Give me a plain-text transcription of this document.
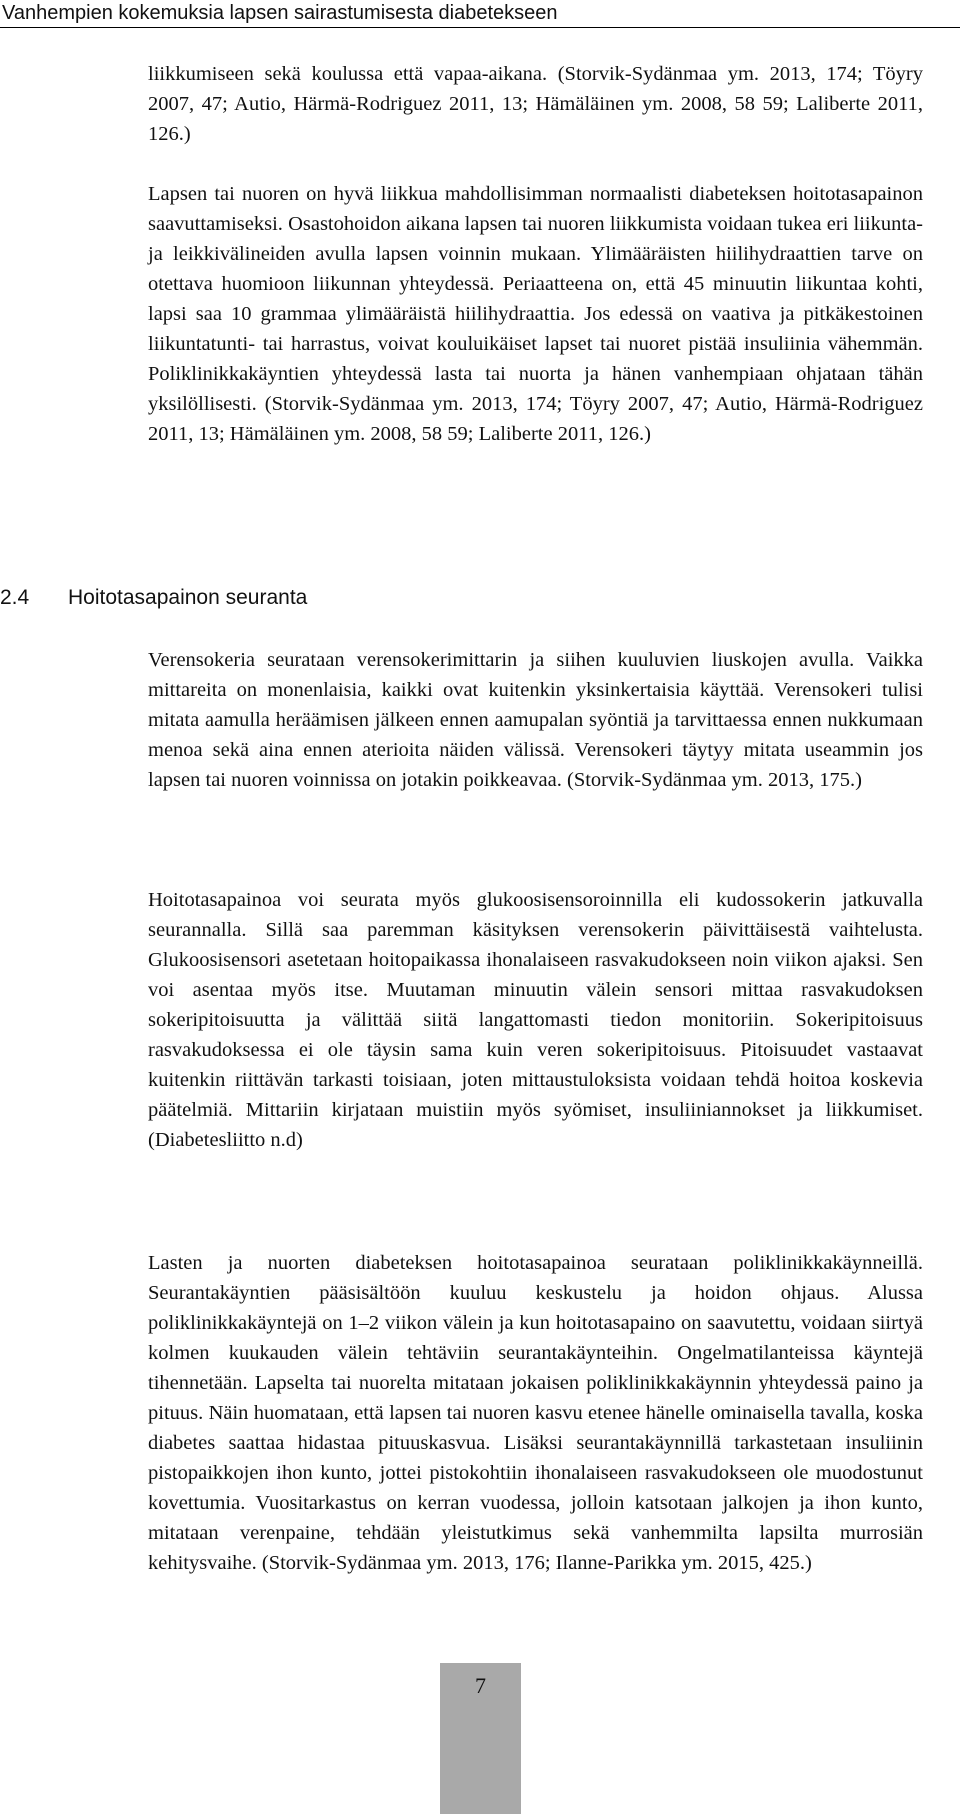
Vanhempien kokemuksia lapsen sairastumisesta diabetekseen

liikkumiseen sekä koulussa että vapaa-aikana. (Storvik-Sydänmaa ym. 2013, 174; Töyry 2007, 47; Autio, Härmä-Rodriguez 2011, 13; Hämäläinen ym. 2008, 58 59; Laliberte 2011, 126.)

Lapsen tai nuoren on hyvä liikkua mahdollisimman normaalisti diabeteksen hoitotasapainon saavuttamiseksi. Osastohoidon aikana lapsen tai nuoren liikkumista voidaan tukea eri liikunta- ja leikkivälineiden avulla lapsen voinnin mukaan. Ylimääräisten hiilihydraattien tarve on otettava huomioon liikunnan yhteydessä. Periaatteena on, että 45 minuutin liikuntaa kohti, lapsi saa 10 grammaa ylimääräistä hiilihydraattia. Jos edessä on vaativa ja pitkäkestoinen liikuntatunti- tai harrastus, voivat kouluikäiset lapset tai nuoret pistää insuliinia vähemmän. Poliklinikkakäyntien yhteydessä lasta tai nuorta ja hänen vanhempiaan ohjataan tähän yksilöllisesti. (Storvik-Sydänmaa ym. 2013, 174; Töyry 2007, 47; Autio, Härmä-Rodriguez 2011, 13; Hämäläinen ym. 2008, 58 59; Laliberte 2011, 126.)

2.4 Hoitotasapainon seuranta

Verensokeria seurataan verensokerimittarin ja siihen kuuluvien liuskojen avulla. Vaikka mittareita on monenlaisia, kaikki ovat kuitenkin yksinkertaisia käyttää. Verensokeri tulisi mitata aamulla heräämisen jälkeen ennen aamupalan syöntiä ja tarvittaessa ennen nukkumaan menoa sekä aina ennen aterioita näiden välissä. Verensokeri täytyy mitata useammin jos lapsen tai nuoren voinnissa on jotakin poikkeavaa. (Storvik-Sydänmaa ym. 2013, 175.)

Hoitotasapainoa voi seurata myös glukoosisensoroinnilla eli kudossokerin jatkuvalla seurannalla. Sillä saa paremman käsityksen verensokerin päivittäisestä vaihtelusta. Glukoosisensori asetetaan hoitopaikassa ihonalaiseen rasvakudokseen noin viikon ajaksi. Sen voi asentaa myös itse. Muutaman minuutin välein sensori mittaa rasvakudoksen sokeripitoisuutta ja välittää siitä langattomasti tiedon monitoriin. Sokeripitoisuus rasvakudoksessa ei ole täysin sama kuin veren sokeripitoisuus. Pitoisuudet vastaavat kuitenkin riittävän tarkasti toisiaan, joten mittaustuloksista voidaan tehdä hoitoa koskevia päätelmiä. Mittariin kirjataan muistiin myös syömiset, insuliiniannokset ja liikkumiset. (Diabetesliitto n.d)

Lasten ja nuorten diabeteksen hoitotasapainoa seurataan poliklinikkakäynneillä. Seurantakäyntien pääsisältöön kuuluu keskustelu ja hoidon ohjaus. Alussa poliklinikkakäyntejä on 1–2 viikon välein ja kun hoitotasapaino on saavutettu, voidaan siirtyä kolmen kuukauden välein tehtäviin seurantakäynteihin. Ongelmatilanteissa käyntejä tihennetään. Lapselta tai nuorelta mitataan jokaisen poliklinikkakäynnin yhteydessä paino ja pituus. Näin huomataan, että lapsen tai nuoren kasvu etenee hänelle ominaisella tavalla, koska diabetes saattaa hidastaa pituuskasvua. Lisäksi seurantakäynnillä tarkastetaan insuliinin pistopaikkojen ihon kunto, jottei pistokohtiin ihonalaiseen rasvakudokseen ole muodostunut kovettumia. Vuositarkastus on kerran vuodessa, jolloin katsotaan jalkojen ja ihon kunto, mitataan verenpaine, tehdään yleistutkimus sekä vanhemmilta lapsilta murrosiän kehitysvaihe. (Storvik-Sydänmaa ym. 2013, 176; Ilanne-Parikka ym. 2015, 425.)

7
